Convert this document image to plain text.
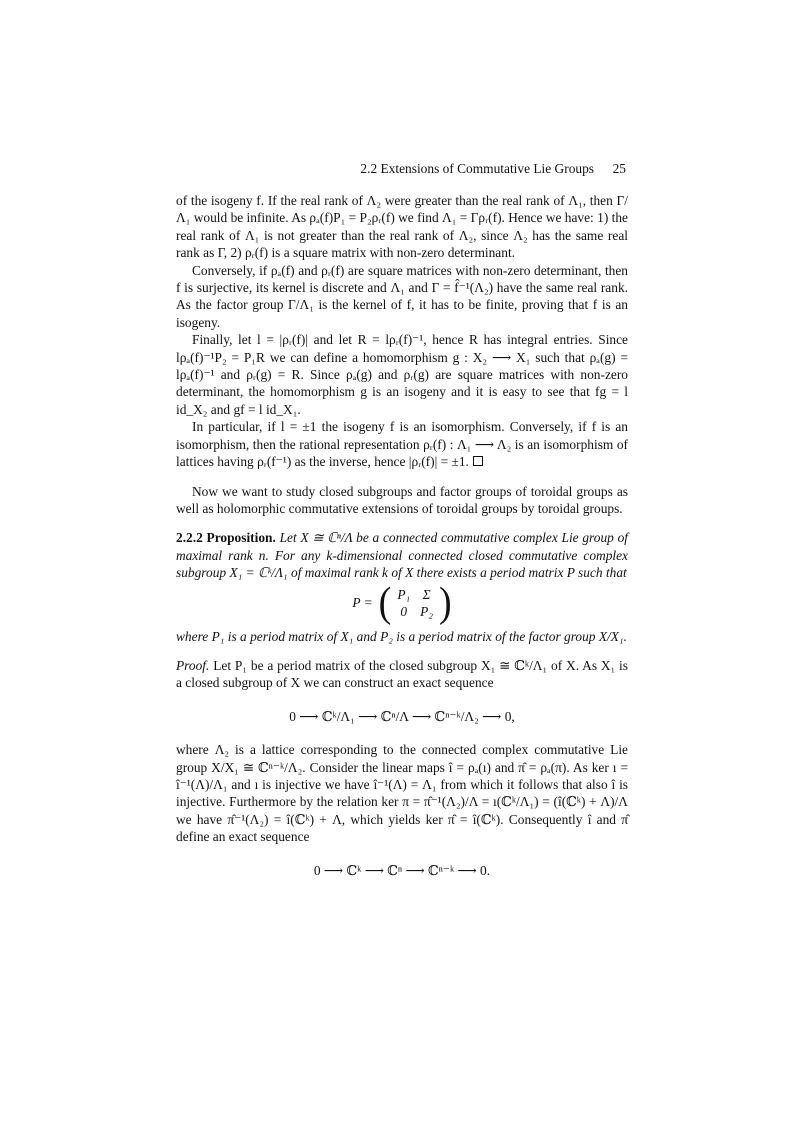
2.2 Extensions of Commutative Lie Groups 25

of the isogeny f. If the real rank of Λ₂ were greater than the real rank of Λ₁, then Γ/Λ₁ would be infinite. As ρₐ(f)P₁ = P₂ρᵣ(f) we find Λ₁ = Γρᵣ(f). Hence we have: 1) the real rank of Λ₁ is not greater than the real rank of Λ₂, since Λ₂ has the same real rank as Γ, 2) ρᵣ(f) is a square matrix with non-zero determinant.

Conversely, if ρₐ(f) and ρᵣ(f) are square matrices with non-zero determinant, then f is surjective, its kernel is discrete and Λ₁ and Γ = f̂⁻¹(Λ₂) have the same real rank. As the factor group Γ/Λ₁ is the kernel of f, it has to be finite, proving that f is an isogeny.

Finally, let l = |ρᵣ(f)| and let R = lρᵣ(f)⁻¹, hence R has integral entries. Since lρₐ(f)⁻¹P₂ = P₁R we can define a homomorphism g : X₂ ⟶ X₁ such that ρₐ(g) = lρₐ(f)⁻¹ and ρᵣ(g) = R. Since ρₐ(g) and ρᵣ(g) are square matrices with non-zero determinant, the homomorphism g is an isogeny and it is easy to see that fg = l id_X₂ and gf = l id_X₁.

In particular, if l = ±1 the isogeny f is an isomorphism. Conversely, if f is an isomorphism, then the rational representation ρᵣ(f) : Λ₁ ⟶ Λ₂ is an isomorphism of lattices having ρᵣ(f⁻¹) as the inverse, hence |ρᵣ(f)| = ±1.

Now we want to study closed subgroups and factor groups of toroidal groups as well as holomorphic commutative extensions of toroidal groups by toroidal groups.

2.2.2 Proposition. Let X ≅ ℂⁿ/Λ be a connected commutative complex Lie group of maximal rank n. For any k-dimensional connected closed commutative complex subgroup X₁ = ℂᵏ/Λ₁ of maximal rank k of X there exists a period matrix P such that

P = ( P₁ Σ
0 P₂ )

where P₁ is a period matrix of X₁ and P₂ is a period matrix of the factor group X/X₁.

Proof. Let P₁ be a period matrix of the closed subgroup X₁ ≅ ℂᵏ/Λ₁ of X. As X₁ is a closed subgroup of X we can construct an exact sequence

0 ⟶ ℂᵏ/Λ₁ ⟶ ℂⁿ/Λ ⟶ ℂⁿ⁻ᵏ/Λ₂ ⟶ 0,

where Λ₂ is a lattice corresponding to the connected complex commutative Lie group X/X₁ ≅ ℂⁿ⁻ᵏ/Λ₂. Consider the linear maps î = ρₐ(ı) and π̂ = ρₐ(π). As ker ı = î⁻¹(Λ)/Λ₁ and ı is injective we have î⁻¹(Λ) = Λ₁ from which it follows that also î is injective. Furthermore by the relation ker π = π̂⁻¹(Λ₂)/Λ = ı(ℂᵏ/Λ₁) = (î(ℂᵏ) + Λ)/Λ we have π̂⁻¹(Λ₂) = î(ℂᵏ) + Λ, which yields ker π̂ = î(ℂᵏ). Consequently î and π̂ define an exact sequence

0 ⟶ ℂᵏ ⟶ ℂⁿ ⟶ ℂⁿ⁻ᵏ ⟶ 0.
